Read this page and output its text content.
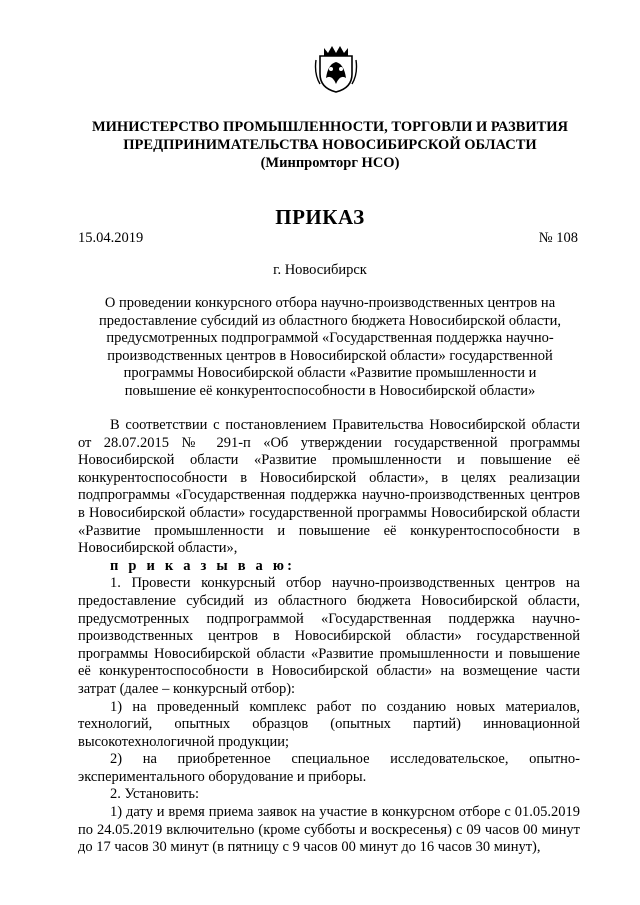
МИНИСТЕРСТВО ПРОМЫШЛЕННОСТИ, ТОРГОВЛИ И РАЗВИТИЯ
ПРЕДПРИНИМАТЕЛЬСТВА НОВОСИБИРСКОЙ ОБЛАСТИ
(Минпромторг НСО)
ПРИКАЗ
15.04.2019	№ 108
г. Новосибирск
О проведении конкурсного отбора научно-производственных центров на предоставление субсидий из областного бюджета Новосибирской области, предусмотренных подпрограммой «Государственная поддержка научно-производственных центров в Новосибирской области» государственной программы Новосибирской области «Развитие промышленности и повышение её конкурентоспособности в Новосибирской области»

В соответствии с постановлением Правительства Новосибирской области от 28.07.2015 № 291-п «Об утверждении государственной программы Новосибирской области «Развитие промышленности и повышение её конкурентоспособности в Новосибирской области», в целях реализации подпрограммы «Государственная поддержка научно-производственных центров в Новосибирской области» государственной программы Новосибирской области «Развитие промышленности и повышение её конкурентоспособности в Новосибирской области»,

п р и к а з ы в а ю:

1. Провести конкурсный отбор научно-производственных центров на предоставление субсидий из областного бюджета Новосибирской области, предусмотренных подпрограммой «Государственная поддержка научно-производственных центров в Новосибирской области» государственной программы Новосибирской области «Развитие промышленности и повышение её конкурентоспособности в Новосибирской области» на возмещение части затрат (далее – конкурсный отбор):

1) на проведенный комплекс работ по созданию новых материалов, технологий, опытных образцов (опытных партий) инновационной высокотехнологичной продукции;

2) на приобретенное специальное исследовательское, опытно-экспериментального оборудование и приборы.

2. Установить:

1) дату и время приема заявок на участие в конкурсном отборе с 01.05.2019 по 24.05.2019 включительно (кроме субботы и воскресенья) с 09 часов 00 минут до 17 часов 30 минут (в пятницу с 9 часов 00 минут до 16 часов 30 минут),
